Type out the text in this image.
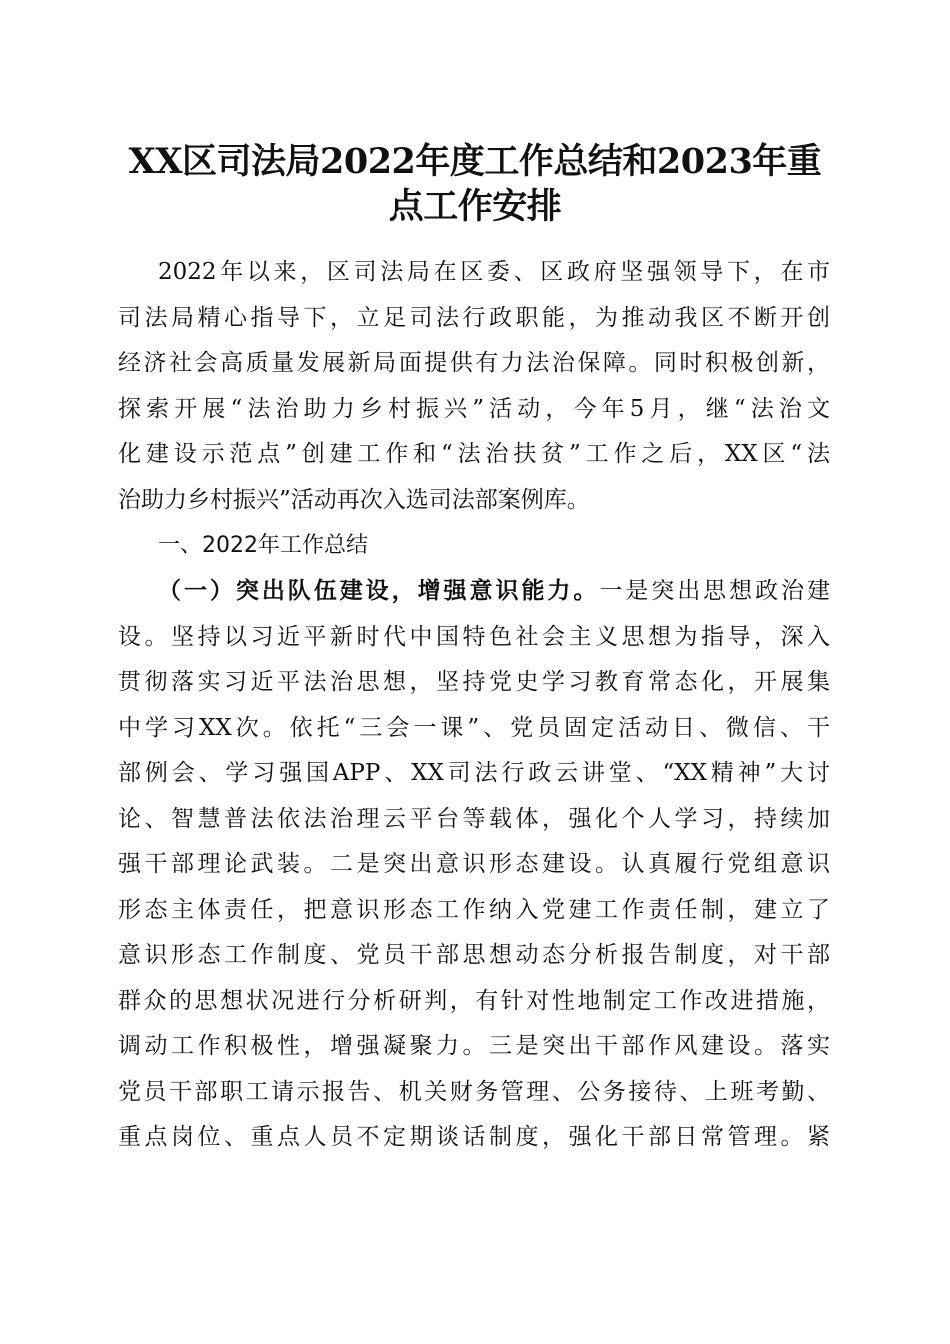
XX区司法局2022年度工作总结和2023年重
点工作安排
2022年以来，区司法局在区委、区政府坚强领导下，在市
司法局精心指导下，立足司法行政职能，为推动我区不断开创
经济社会高质量发展新局面提供有力法治保障。同时积极创新，
探索开展“法治助力乡村振兴”活动，今年5月，继“法治文
化建设示范点”创建工作和“法治扶贫”工作之后，XX区“法
治助力乡村振兴”活动再次入选司法部案例库。
一、2022年工作总结
（一）突出队伍建设，增强意识能力。一是突出思想政治建
设。坚持以习近平新时代中国特色社会主义思想为指导，深入
贯彻落实习近平法治思想，坚持党史学习教育常态化，开展集
中学习XX次。依托“三会一课”、党员固定活动日、微信、干
部例会、学习强国APP、XX司法行政云讲堂、“XX精神”大讨
论、智慧普法依法治理云平台等载体，强化个人学习，持续加
强干部理论武装。二是突出意识形态建设。认真履行党组意识
形态主体责任，把意识形态工作纳入党建工作责任制，建立了
意识形态工作制度、党员干部思想动态分析报告制度，对干部
群众的思想状况进行分析研判，有针对性地制定工作改进措施，
调动工作积极性，增强凝聚力。三是突出干部作风建设。落实
党员干部职工请示报告、机关财务管理、公务接待、上班考勤、
重点岗位、重点人员不定期谈话制度，强化干部日常管理。紧
